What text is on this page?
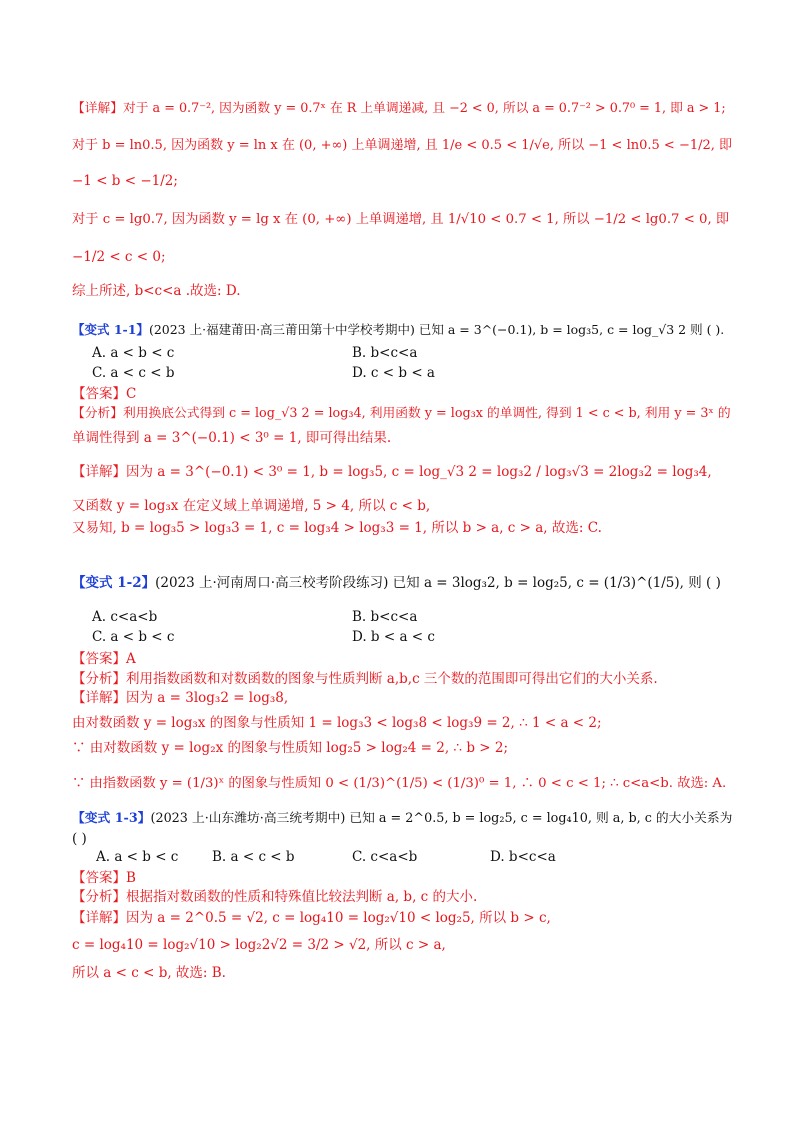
【详解】对于 a = 0.7⁻², 因为函数 y = 0.7ˣ 在 R 上单调递减, 且 −2 < 0, 所以 a = 0.7⁻² > 0.7⁰ = 1, 即 a > 1;
对于 b = ln0.5, 因为函数 y = ln x 在 (0, +∞) 上单调递增, 且 1/e < 0.5 < 1/√e, 所以 −1 < ln0.5 < −1/2, 即
−1 < b < −1/2;
对于 c = lg0.7, 因为函数 y = lg x 在 (0, +∞) 上单调递增, 且 1/√10 < 0.7 < 1, 所以 −1/2 < lg0.7 < 0, 即
−1/2 < c < 0;
综上所述, b<c<a .故选: D.
【变式 1-1】(2023 上·福建莆田·高三莆田第十中学校考期中) 已知 a = 3^(−0.1), b = log₃5, c = log_√3 2 则 ( ).
A. a < b < c	B. b<c<a
C. a < c < b	D. c < b < a
【答案】C
【分析】利用换底公式得到 c = log_√3 2 = log₃4, 利用函数 y = log₃x 的单调性, 得到 1 < c < b, 利用 y = 3ˣ 的
单调性得到 a = 3^(−0.1) < 3⁰ = 1, 即可得出结果.
【详解】因为 a = 3^(−0.1) < 3⁰ = 1, b = log₃5, c = log_√3 2 = log₃2 / log₃√3 = 2log₃2 = log₃4,
又函数 y = log₃x 在定义域上单调递增, 5 > 4, 所以 c < b,
又易知, b = log₃5 > log₃3 = 1, c = log₃4 > log₃3 = 1, 所以 b > a, c > a, 故选: C.
【变式 1-2】(2023 上·河南周口·高三校考阶段练习) 已知 a = 3log₃2, b = log₂5, c = (1/3)^(1/5), 则 ( )
A. c<a<b	B. b<c<a
C. a < b < c	D. b < a < c
【答案】A
【分析】利用指数函数和对数函数的图象与性质判断 a,b,c 三个数的范围即可得出它们的大小关系.
【详解】因为 a = 3log₃2 = log₃8,
由对数函数 y = log₃x 的图象与性质知 1 = log₃3 < log₃8 < log₃9 = 2, ∴ 1 < a < 2;
∵ 由对数函数 y = log₂x 的图象与性质知 log₂5 > log₂4 = 2, ∴ b > 2;
∵ 由指数函数 y = (1/3)ˣ 的图象与性质知 0 < (1/3)^(1/5) < (1/3)⁰ = 1, ∴ 0 < c < 1; ∴ c<a<b. 故选: A.
【变式 1-3】(2023 上·山东潍坊·高三统考期中) 已知 a = 2^0.5, b = log₂5, c = log₄10, 则 a, b, c 的大小关系为
( )
A. a < b < c B. a < c < b	C. c<a<b	D. b<c<a
【答案】B
【分析】根据指对数函数的性质和特殊值比较法判断 a, b, c 的大小.
【详解】因为 a = 2^0.5 = √2, c = log₄10 = log₂√10 < log₂5, 所以 b > c,
c = log₄10 = log₂√10 > log₂2√2 = 3/2 > √2, 所以 c > a,
所以 a < c < b, 故选: B.
